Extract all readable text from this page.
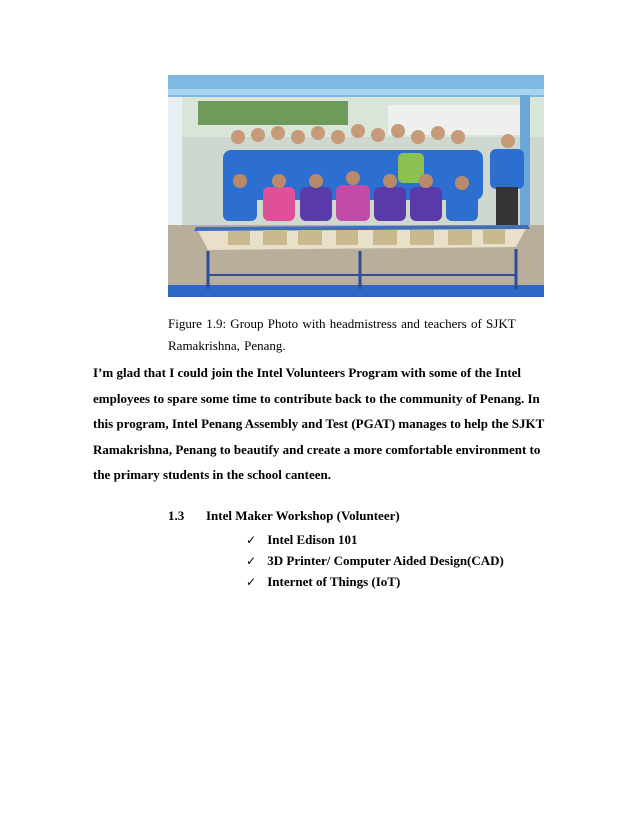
Figure 1.9: Group Photo with headmistress and teachers of SJKT
Ramakrishna, Penang.

I’m glad that I could join the Intel Volunteers Program with some of the Intel employees to spare some time to contribute back to the community of Penang. In this program, Intel Penang Assembly and Test (PGAT) manages to help the SJKT Ramakrishna, Penang to beautify and create a more comfortable environment to the primary students in the school canteen.

1.3 Intel Maker Workshop (Volunteer)
✓ Intel Edison 101
✓ 3D Printer/ Computer Aided Design(CAD)
✓ Internet of Things (IoT)
